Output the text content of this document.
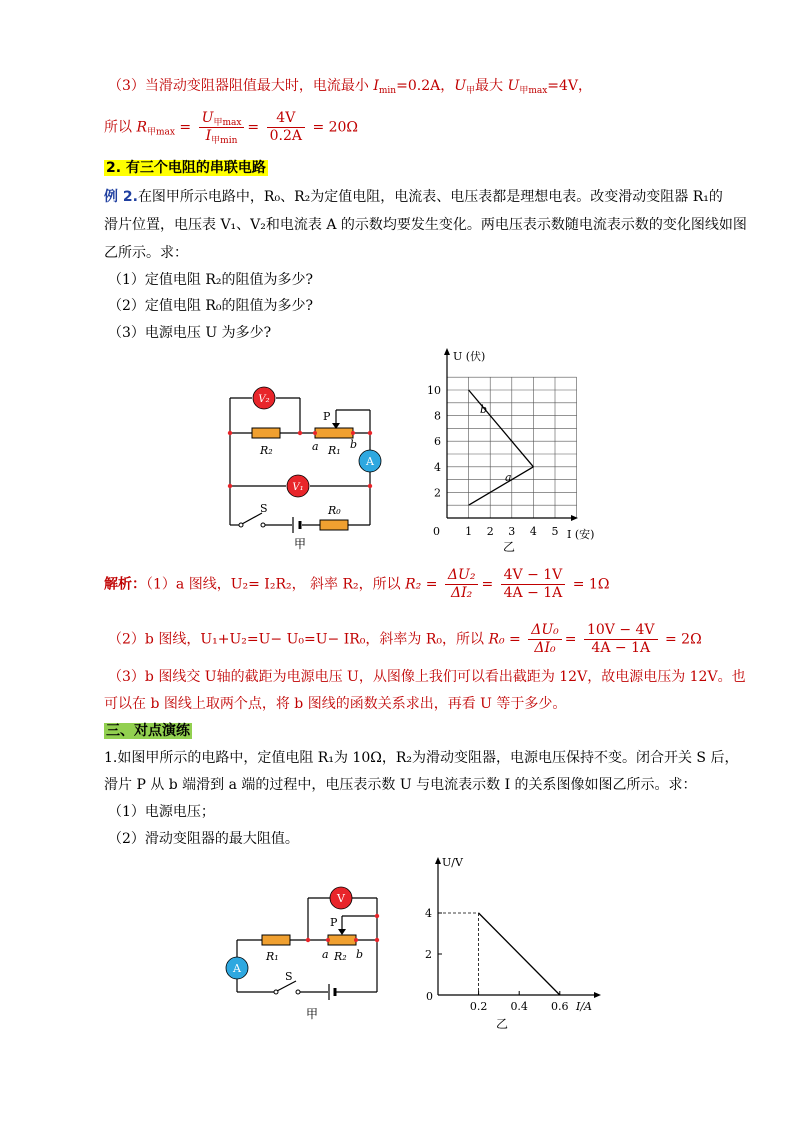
（3）当滑动变阻器阻值最大时，电流最小 $I_{min}=0.2A$，$U_甲$最大 $U_{甲max}=4V$，
所以 $R_{甲max} = \frac{U_{甲max}}{I_{甲min}} = \frac{4V}{0.2A} = 20\Omega$
2. 有三个电阻的串联电路
例 2.在图甲所示电路中，R₀、R₂为定值电阻，电流表、电压表都是理想电表。改变滑动变阻器 R₁的
滑片位置，电压表 V₁、V₂和电流表 A 的示数均要发生变化。两电压表示数随电流表示数的变化图线如图
乙所示。求：
（1）定值电阻 R₂的阻值为多少?
（2）定值电阻 R₀的阻值为多少?
（3）电源电压 U 为多少?
V₂
V₁
A
P
R₂	R₁
R₀
a	b
S
甲
2
4
6
8
10
1 2 3 4 5
U (伏)
I (安)
0
b
a
乙
解析：（1）a 图线，U₂= I₂R₂， 斜率 R₂，所以 $R_2 = \frac{\text{ΔU₂}}{\text{ΔI₂}} = \frac{4V - 1V}{4A - 1A} = 1\Omega$
（2）b 图线，U₁+U₂=U− U₀=U− IR₀，斜率为 R₀，所以 $R_0 = \frac{\text{ΔU₀}}{\text{ΔI₀}} = \frac{10V - 4V}{4A - 1A} = 2\Omega$
（3）b 图线交 U轴的截距为电源电压 U，从图像上我们可以看出截距为 12V，故电源电压为 12V。也
可以在 b 图线上取两个点，将 b 图线的函数关系求出，再看 U 等于多少。
三、对点演练
1.如图甲所示的电路中，定值电阻 R₁为 10Ω，R₂为滑动变阻器，电源电压保持不变。闭合开关 S 后，
滑片 P 从 b 端滑到 a 端的过程中，电压表示数 U 与电流表示数 I 的关系图像如图乙所示。求：
（1）电源电压；
（2）滑动变阻器的最大阻值。
V
A
P
R₁	R₂
a b
S
甲
2
4
0.2 0.4 0.6
U/V
I/A
0
乙
